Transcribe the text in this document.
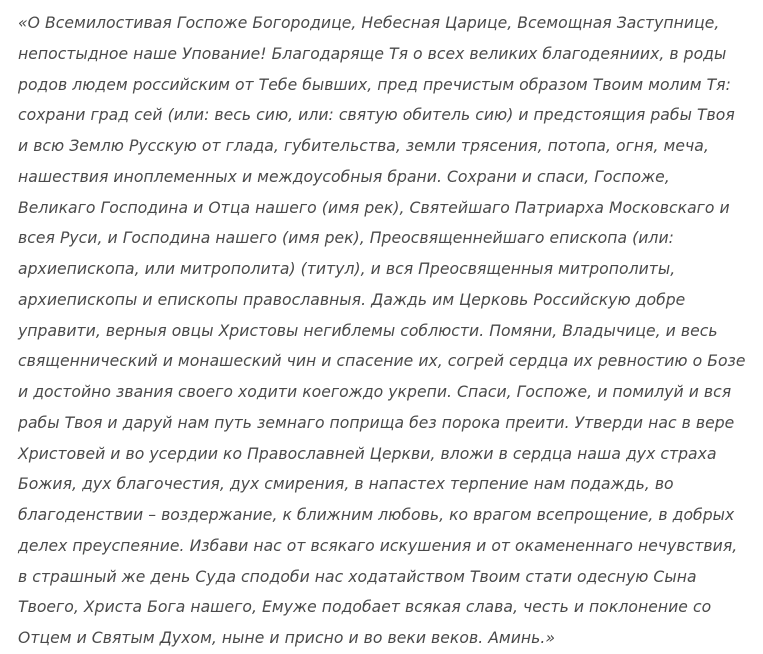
«О Всемилостивая Госпоже Богородице, Небесная Царице, Всемощная Заступнице,
непостыдное наше Упование! Благодаряще Тя о всех великих благодеяниих, в роды
родов людем российским от Тебе бывших, пред пречистым образом Твоим молим Тя:
сохрани град сей (или: весь сию, или: святую обитель сию) и предстоящия рабы Твоя
и всю Землю Русскую от глада, губительства, земли трясения, потопа, огня, меча,
нашествия иноплеменных и междоусобныя брани. Сохрани и спаси, Госпоже,
Великаго Господина и Отца нашего (имя рек), Святейшаго Патриарха Московскаго и
всея Руси, и Господина нашего (имя рек), Преосвященнейшаго епископа (или:
архиепископа, или митрополита) (титул), и вся Преосвященныя митрополиты,
архиепископы и епископы православныя. Даждь им Церковь Российскую добре
управити, верныя овцы Христовы негиблемы соблюсти. Помяни, Владычице, и весь
священнический и монашеский чин и спасение их, согрей сердца их ревностию о Бозе
и достойно звания своего ходити коегождо укрепи. Спаси, Госпоже, и помилуй и вся
рабы Твоя и даруй нам путь земнаго поприща без порока преити. Утверди нас в вере
Христовей и во усердии ко Православней Церкви, вложи в сердца наша дух страха
Божия, дух благочестия, дух смирения, в напастех терпение нам подаждь, во
благоденствии – воздержание, к ближним любовь, ко врагом всепрощение, в добрых
делех преуспеяние. Избави нас от всякаго искушения и от окамененнаго нечувствия,
в страшный же день Суда сподоби нас ходатайством Твоим стати одесную Сына
Твоего, Христа Бога нашего, Емуже подобает всякая слава, честь и поклонение со
Отцем и Святым Духом, ныне и присно и во веки веков. Аминь.»
